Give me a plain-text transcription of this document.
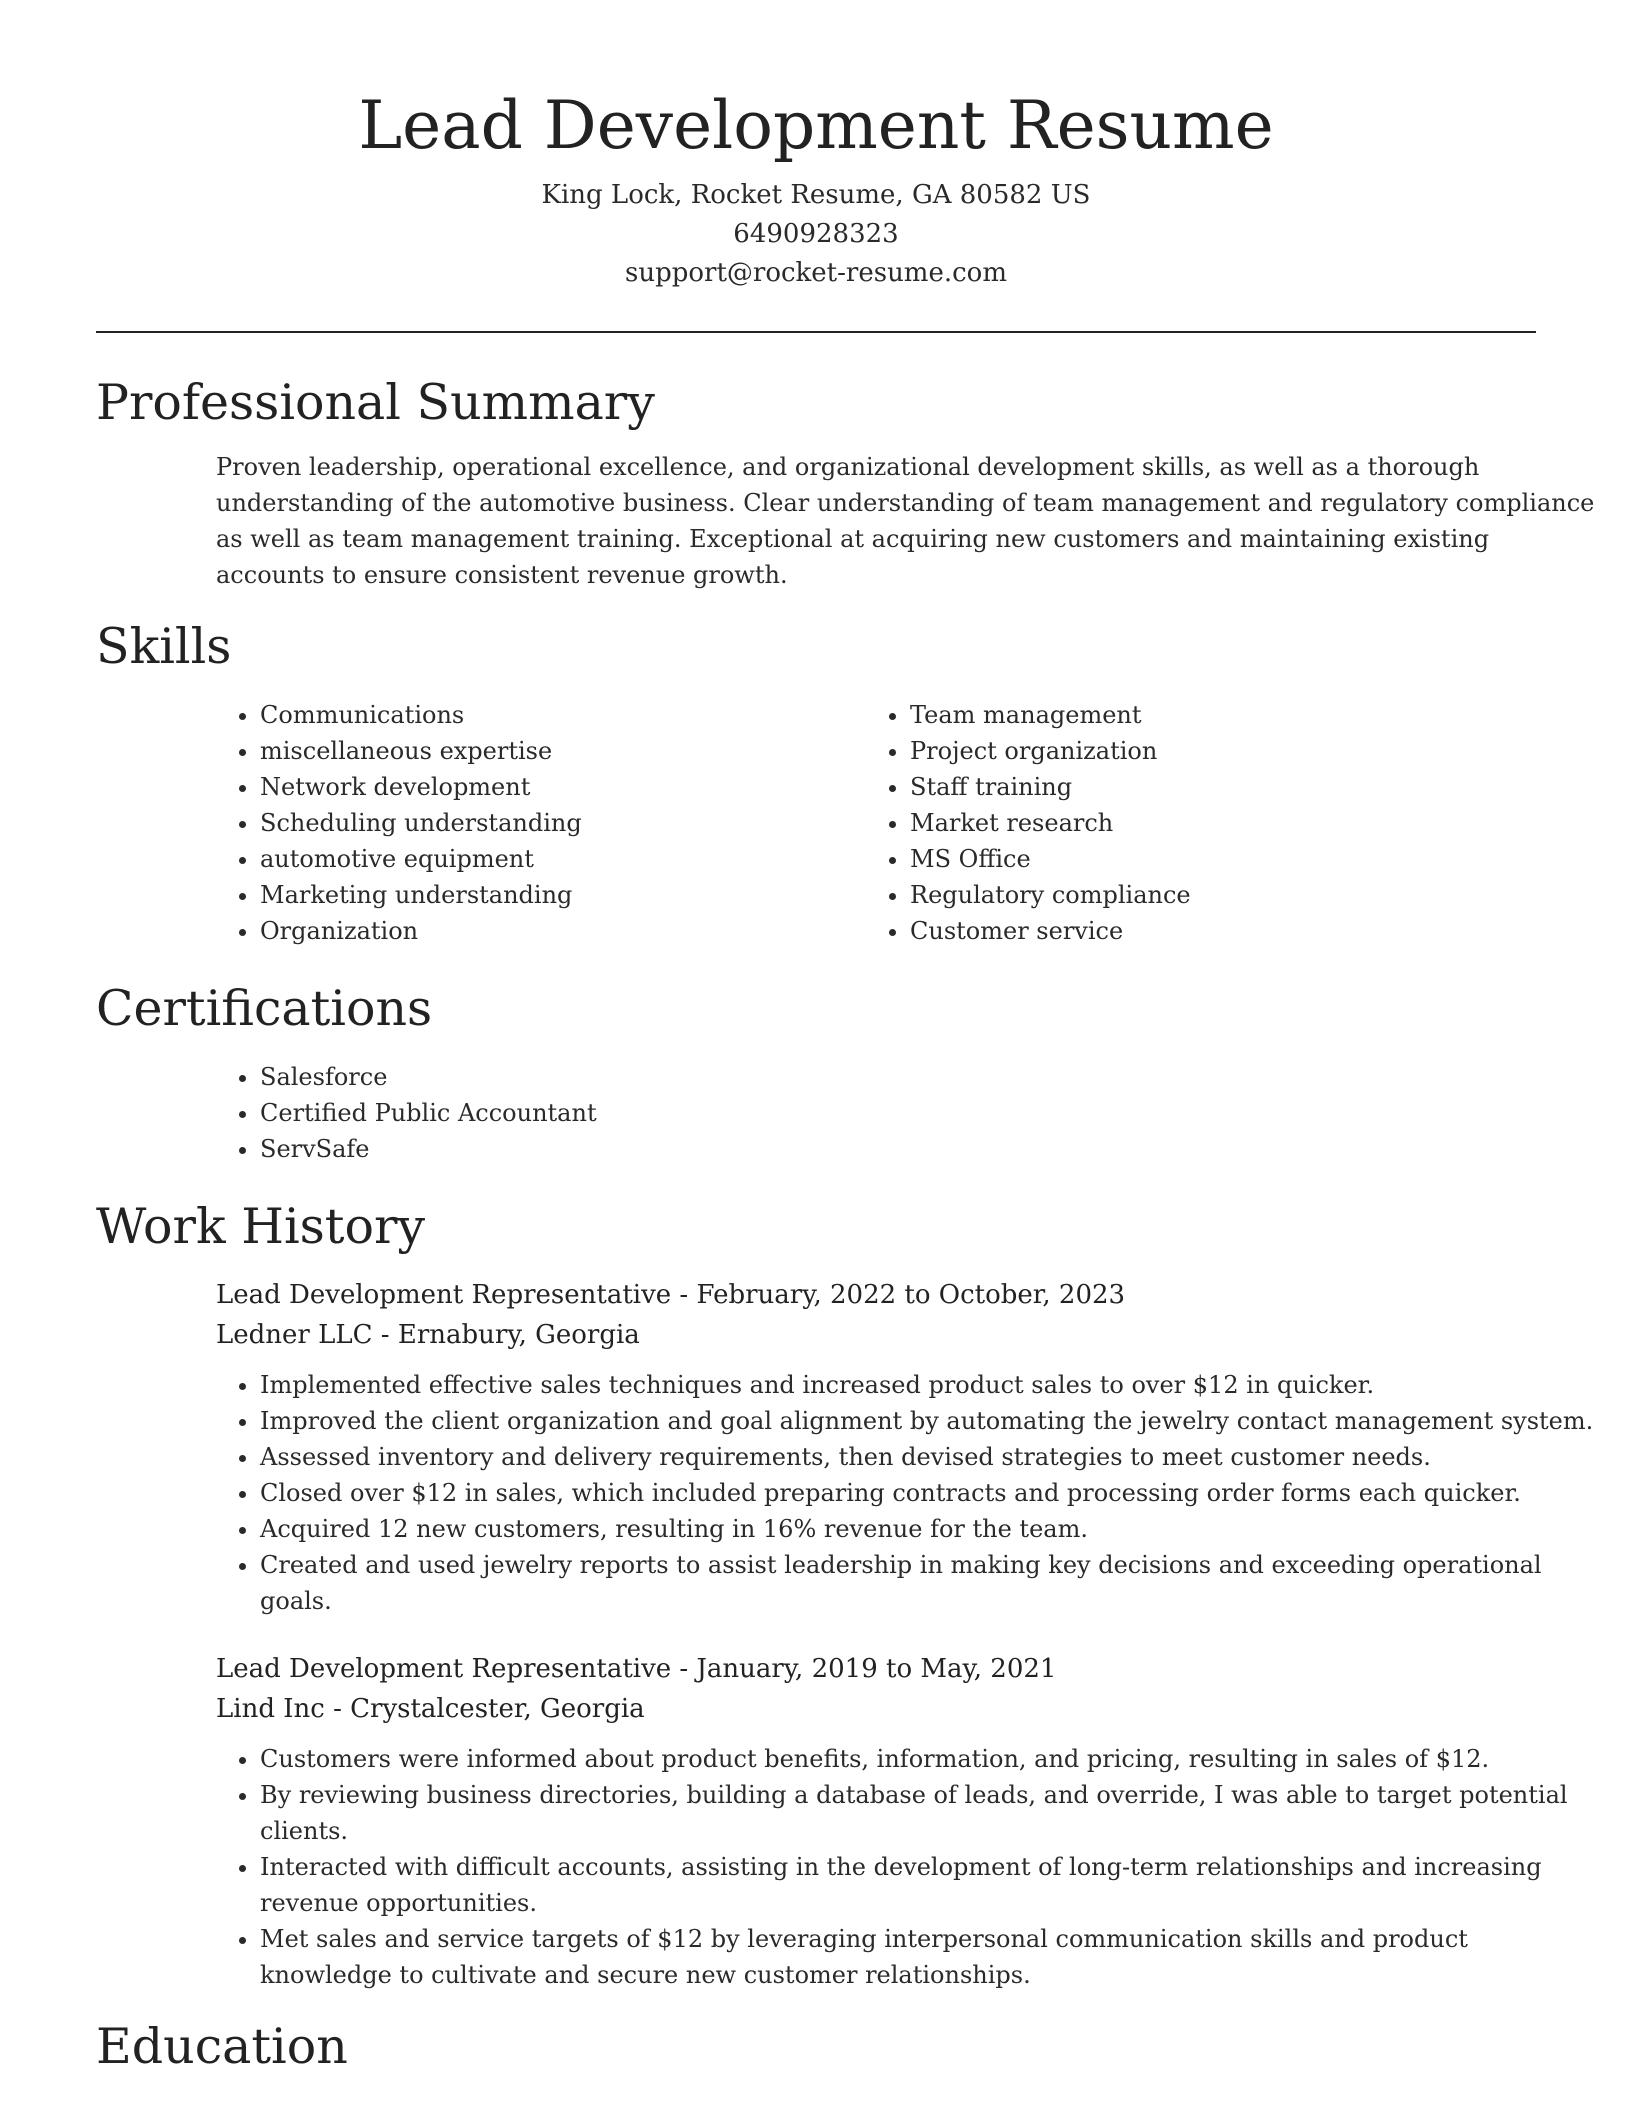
Lead Development Resume
King Lock, Rocket Resume, GA 80582 US
6490928323
support@rocket-resume.com
Professional Summary

Proven leadership, operational excellence, and organizational development skills, as well as a thorough understanding of the automotive business. Clear understanding of team management and regulatory compliance as well as team management training. Exceptional at acquiring new customers and maintaining existing accounts to ensure consistent revenue growth.

Skills
• Communications
• miscellaneous expertise
• Network development
• Scheduling understanding
• automotive equipment
• Marketing understanding
• Organization
• Team management
• Project organization
• Staff training
• Market research
• MS Office
• Regulatory compliance
• Customer service
Certifications
• Salesforce
• Certified Public Accountant
• ServSafe
Work History
Lead Development Representative - February, 2022 to October, 2023
Ledner LLC - Ernabury, Georgia
• Implemented effective sales techniques and increased product sales to over $12 in quicker.
• Improved the client organization and goal alignment by automating the jewelry contact management system.
• Assessed inventory and delivery requirements, then devised strategies to meet customer needs.
• Closed over $12 in sales, which included preparing contracts and processing order forms each quicker.
• Acquired 12 new customers, resulting in 16% revenue for the team.
• Created and used jewelry reports to assist leadership in making key decisions and exceeding operational goals.
Lead Development Representative - January, 2019 to May, 2021
Lind Inc - Crystalcester, Georgia
• Customers were informed about product benefits, information, and pricing, resulting in sales of $12.
• By reviewing business directories, building a database of leads, and override, I was able to target potential clients.
• Interacted with difficult accounts, assisting in the development of long-term relationships and increasing revenue opportunities.
• Met sales and service targets of $12 by leveraging interpersonal communication skills and product knowledge to cultivate and secure new customer relationships.
Education
